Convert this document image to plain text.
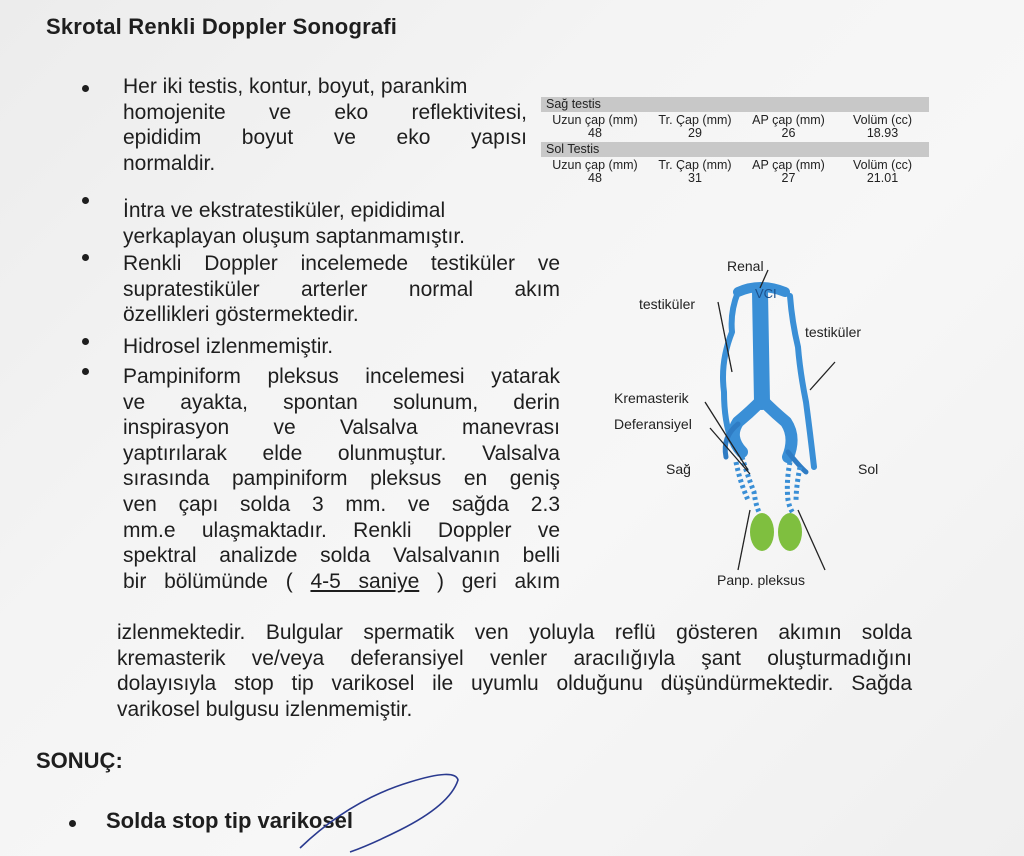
Skrotal Renkli Doppler Sonografi
Her iki testis, kontur, boyut, parankim
homojenite ve eko reflektivitesi,
epididim boyut ve eko yapısı
normaldir.
İntra ve ekstratestiküler, epididimal
yerkaplayan oluşum saptanmamıştır.
Renkli Doppler incelemede testiküler ve
supratestiküler arterler normal akım
özellikleri göstermektedir.
Hidrosel izlenmemiştir.
Pampiniform pleksus incelemesi yatarak
ve ayakta, spontan solunum, derin
inspirasyon ve Valsalva manevrası
yaptırılarak elde olunmuştur. Valsalva
sırasında pampiniform pleksus en geniş
ven çapı solda 3 mm. ve sağda 2.3
mm.e ulaşmaktadır. Renkli Doppler ve
spektral analizde solda Valsalvanın belli
bir bölümünde ( 4-5 saniye ) geri akım
izlenmektedir. Bulgular spermatik ven yoluyla reflü gösteren akımın solda
kremasterik ve/veya deferansiyel venler aracılığıyla şant oluşturmadığını
dolayısıyla stop tip varikosel ile uyumlu olduğunu düşündürmektedir. Sağda
varikosel bulgusu izlenmemiştir.
Sağ testis
Uzun çap (mm)	Tr. Çap (mm)	AP çap (mm)	Volüm (cc)
48	29	26	18.93
Sol Testis
Uzun çap (mm)	Tr. Çap (mm)	AP çap (mm)	Volüm (cc)
48	31	27	21.01
Renal
VCI
testiküler
testiküler
Kremasterik
Deferansiyel
Sağ	Sol
Panp. pleksus
SONUÇ:
Solda stop tip varikosel
